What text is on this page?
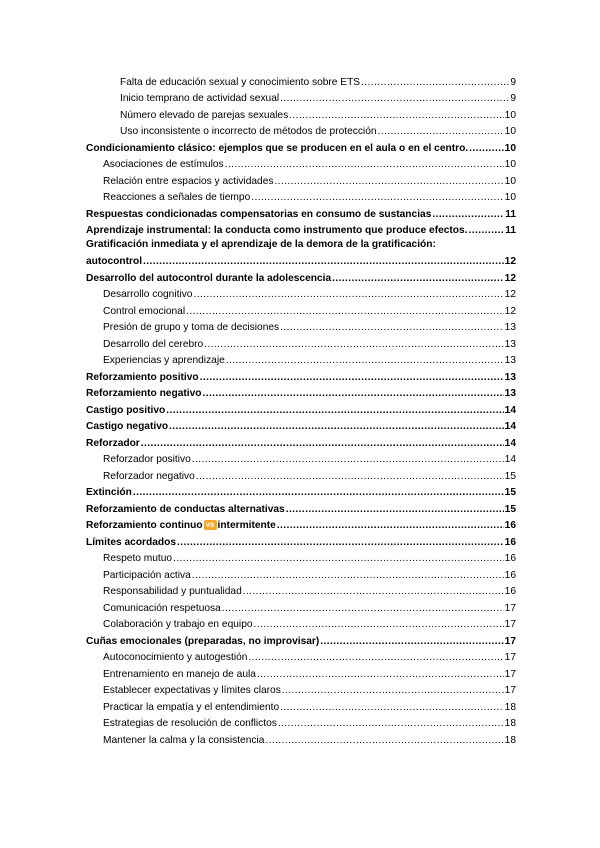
Falta de educación sexual y conocimiento sobre ETS .....	9
Inicio temprano de actividad sexual .....	9
Número elevado de parejas sexuales .....	10
Uso inconsistente o incorrecto de métodos de protección .....	10
Condicionamiento clásico: ejemplos que se producen en el aula o en el centro. .....	10
Asociaciones de estímulos .....	10
Relación entre espacios y actividades .....	10
Reacciones a señales de tiempo .....	10
Respuestas condicionadas compensatorias en consumo de sustancias .....	11
Aprendizaje instrumental: la conducta como instrumento que produce efectos. .....	11
Gratificación inmediata y el aprendizaje de la demora de la gratificación:
autocontrol .....	12
Desarrollo del autocontrol durante la adolescencia .....	12
Desarrollo cognitivo .....	12
Control emocional .....	12
Presión de grupo y toma de decisiones .....	13
Desarrollo del cerebro .....	13
Experiencias y aprendizaje .....	13
Reforzamiento positivo .....	13
Reforzamiento negativo .....	13
Castigo positivo .....	14
Castigo negativo .....	14
Reforzador .....	14
Reforzador positivo .....	14
Reforzador negativo .....	15
Extinción .....	15
Reforzamiento de conductas alternativas .....	15
Reforzamiento continuo vs intermitente .....	16
Límites acordados .....	16
Respeto mutuo .....	16
Participación activa .....	16
Responsabilidad y puntualidad .....	16
Comunicación respetuosa .....	17
Colaboración y trabajo en equipo .....	17
Cuñas emocionales (preparadas, no improvisar) .....	17
Autoconocimiento y autogestión .....	17
Entrenamiento en manejo de aula .....	17
Establecer expectativas y límites claros .....	17
Practicar la empatía y el entendimiento .....	18
Estrategias de resolución de conflictos .....	18
Mantener la calma y la consistencia .....	18
